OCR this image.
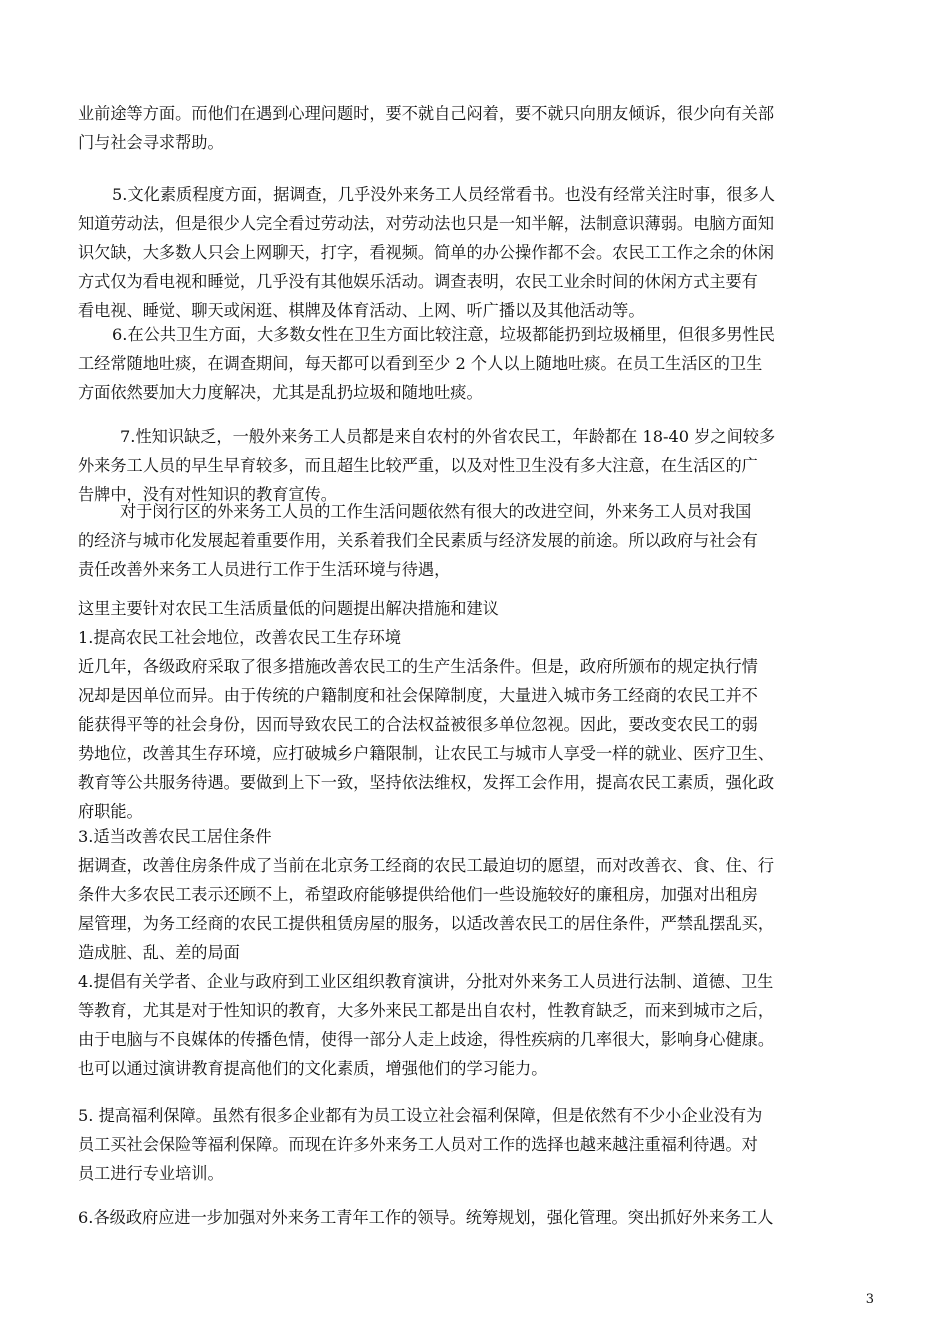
业前途等方面。而他们在遇到心理问题时，要不就自己闷着，要不就只向朋友倾诉，很少向有关部
门与社会寻求帮助。
5.文化素质程度方面，据调查，几乎没外来务工人员经常看书。也没有经常关注时事，很多人
知道劳动法，但是很少人完全看过劳动法，对劳动法也只是一知半解，法制意识薄弱。电脑方面知
识欠缺，大多数人只会上网聊天，打字，看视频。简单的办公操作都不会。农民工工作之余的休闲
方式仅为看电视和睡觉，几乎没有其他娱乐活动。调查表明，农民工业余时间的休闲方式主要有
看电视、睡觉、聊天或闲逛、棋牌及体育活动、上网、听广播以及其他活动等。
6.在公共卫生方面，大多数女性在卫生方面比较注意，垃圾都能扔到垃圾桶里，但很多男性民
工经常随地吐痰，在调查期间，每天都可以看到至少 2 个人以上随地吐痰。在员工生活区的卫生
方面依然要加大力度解决，尤其是乱扔垃圾和随地吐痰。
7.性知识缺乏，一般外来务工人员都是来自农村的外省农民工，年龄都在 18-40 岁之间较多
外来务工人员的早生早育较多，而且超生比较严重，以及对性卫生没有多大注意，在生活区的广
告牌中，没有对性知识的教育宣传。
对于闵行区的外来务工人员的工作生活问题依然有很大的改进空间，外来务工人员对我国
的经济与城市化发展起着重要作用，关系着我们全民素质与经济发展的前途。所以政府与社会有
责任改善外来务工人员进行工作于生活环境与待遇，
这里主要针对农民工生活质量低的问题提出解决措施和建议
1.提高农民工社会地位，改善农民工生存环境
近几年，各级政府采取了很多措施改善农民工的生产生活条件。但是，政府所颁布的规定执行情
况却是因单位而异。由于传统的户籍制度和社会保障制度，大量进入城市务工经商的农民工并不
能获得平等的社会身份，因而导致农民工的合法权益被很多单位忽视。因此，要改变农民工的弱
势地位，改善其生存环境，应打破城乡户籍限制，让农民工与城市人享受一样的就业、医疗卫生、
教育等公共服务待遇。要做到上下一致，坚持依法维权，发挥工会作用，提高农民工素质，强化政
府职能。
3.适当改善农民工居住条件
据调查，改善住房条件成了当前在北京务工经商的农民工最迫切的愿望，而对改善衣、食、住、行
条件大多农民工表示还顾不上，希望政府能够提供给他们一些设施较好的廉租房，加强对出租房
屋管理，为务工经商的农民工提供租赁房屋的服务，以适改善农民工的居住条件，严禁乱摆乱买，
造成脏、乱、差的局面
4.提倡有关学者、企业与政府到工业区组织教育演讲，分批对外来务工人员进行法制、道德、卫生
等教育，尤其是对于性知识的教育，大多外来民工都是出自农村，性教育缺乏，而来到城市之后，
由于电脑与不良媒体的传播色情，使得一部分人走上歧途，得性疾病的几率很大，影响身心健康。
也可以通过演讲教育提高他们的文化素质，增强他们的学习能力。
5. 提高福利保障。虽然有很多企业都有为员工设立社会福利保障，但是依然有不少小企业没有为
员工买社会保险等福利保障。而现在许多外来务工人员对工作的选择也越来越注重福利待遇。对
员工进行专业培训。
6.各级政府应进一步加强对外来务工青年工作的领导。统筹规划，强化管理。突出抓好外来务工人
3
